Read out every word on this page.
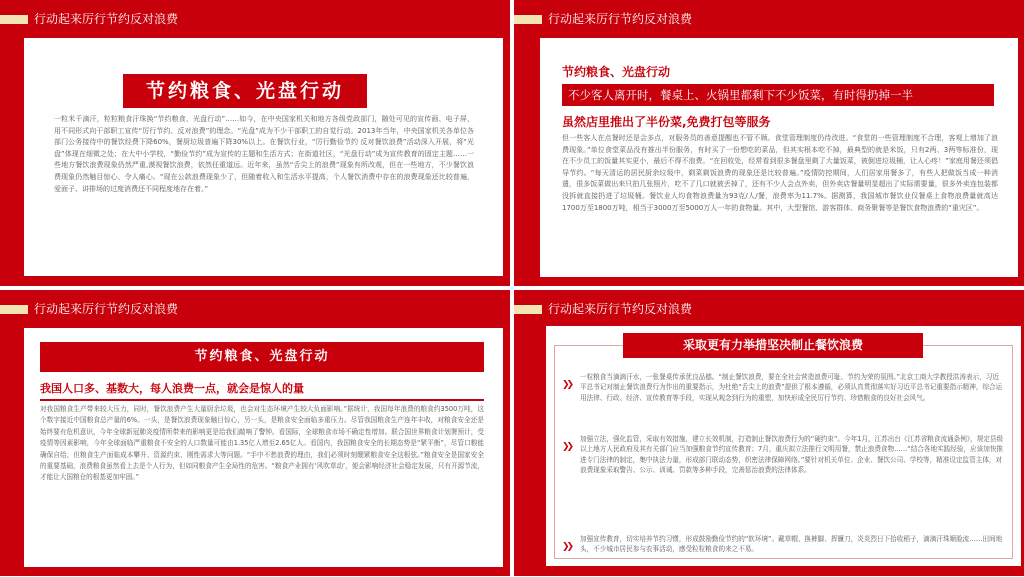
行动起来厉行节约反对浪费
节约粮食、光盘行动
一粒米千滴汗，粒粒粮食汗珠换“节约粮食、光盘行动”……如今，在中央国家机关和地方各级党政部门，随处可见的宣传画、电子屏，用不同形式向干部职工宣传“厉行节约、反对浪费”的理念。“光盘”成为不少干部职工的自觉行动。2013年当年，中央国家机关各单位各部门公务接待中的餐饮经费下降60%，餐厨垃圾普遍下降30%以上。在餐饮行业，“厉行勤俭节约 反对餐饮浪费”活动深入开展，将“光盘”体现在细微之处；在大中小学校，“勤俭节约”成为宣传的主题和生活方式；在街道社区，“光盘行动”成为宣传教育的固定主题……一些地方餐饮浪费现象仍然严重,漠视餐饮浪费，依然任重道远。近年来，虽然“舌尖上的浪费”现象有所改观，但在一些地方，不少餐饮浪费现象仍然触目惊心、令人痛心。“现在公款浪费现象少了，但随着收入和生活水平提高，个人餐饮消费中存在的浪费现象还比较普遍，爱面子、讲排场的过度消费还不同程度地存在着。”
行动起来厉行节约反对浪费
节约粮食、光盘行动
不少客人离开时，餐桌上、火锅里都剩下不少饭菜，有时得扔掉一半
虽然店里推出了半份菜,免费打包等服务
但一些客人在点餐时还是会多点，对服务员的善意提醒也不管不顾。食堂管理制度仍待改进。“食堂的一些管理制度不合理，客观上增加了浪费现象。”单位食堂菜品没有推出半份服务，有时买了一份想吃的菜品，但其实根本吃不掉，最典型的就是米饭，只有2两、3两等标准份，现在不少员工的饭量其实更小，最后不得不浪费。“在回收处，经常看到很多餐盘里剩了大量饭菜，被倒进垃圾桶，让人心疼！”家庭用餐还须倡导节约。“每天清运的居民厨余垃圾中，剩菜剩饭浪费的现象还是比较普遍。”疫情防控期间，人们居家用餐多了，有些人把做饭当成一种消遣，很多饭菜做出来只拍几张照片，吃不了几口就被丢掉了，还有不少人会点外卖，但外卖店餐量明显超出了实际需要量，很多外卖连包装都没拆就直接扔进了垃圾桶。餐饮业人均食物浪费量为93克/人/餐，浪费率为11.7%。据测算，我国城市餐饮业仅餐桌上食物浪费量就高达1700万至1800万吨，相当于3000万至5000万人一年的食物量。其中，大型餐馆、游客群体、商务聚餐等是餐饮食物浪费的“重灾区”。
行动起来厉行节约反对浪费
节约粮食、光盘行动
我国人口多、基数大，每人浪费一点，就会是惊人的量
对我国粮食生产带来较大压力，同时，餐饮浪费产生大量厨余垃圾，也会对生态环境产生较大负面影响。”据统计，我国每年浪费的粮食约3500万吨，这个数字接近中国粮食总产量的6%。一头，是餐饮浪费现象触目惊心，另一头，是粮食安全面临多重压力。尽管我国粮食生产连年丰收，对粮食安全还是始终要有危机意识，今年全球新冠肺炎疫情所带来的影响更是给我们敲响了警钟。看国际，全球粮食市场不确定性增加。联合国世界粮食计划署预计，受疫情等因素影响，今年全球面临严重粮食不安全的人口数量可能由1.35亿人增至2.65亿人。看国内，我国粮食安全的长期态势是“紧平衡”，尽管口粮能确保自给，但粮食生产面临成本攀升、资源约束、刚性需求大等问题。“手中不愁浪费的理由，我们必须时刻绷紧粮食安全这根弦。”粮食安全是国家安全的重要基础，浪费粮食虽然看上去是个人行为，但如同粮食产生全局性的危害。“粮食产业拥有‘风吹草动’，便会影响经济社会稳定发展，只有开源节流，才能让大国粮仓的根基更加牢固。”
行动起来厉行节约反对浪费
采取更有力举措坚决制止餐饮浪费
❯❯
一粒粮食当滴滴汗水，一张餐桌传承优良品德。“制止餐饮浪费，要在全社会营造浪费可耻、节约为荣的氛围。”北京工商大学教授洪涛表示，习近平总书记对制止餐饮浪费行为作出的重要指示，为杜绝“舌尖上的浪费”提供了根本遵循，必须认真贯彻落实好习近平总书记重要指示精神，综合运用法律、行政、经济、宣传教育等手段，实现从观念到行为的重塑，加快形成全民厉行节约、珍惜粮食的良好社会风气。
❯❯
加强立法，强化监管，采取有效措施，建立长效机制，打造制止餐饮浪费行为的“硬约束”。今年1月，江苏出台《江苏省粮食流通条例》，规定县级以上地方人民政府及其有关部门应当加强粮食节约宣传教育；7月，重庆拟立法推行文明用餐，禁止浪费食物……“结合各地实践经验，应该加快推进专门法律的制定，集中执法力量，形成部门联动态势，织密法律保障网络。”要针对机关单位、企业、餐饮公司、学校等，精准设定监管主体，对浪费现象采取警告、公示、训诫、罚款等多种手段，完善惩治浪费的法律体系。
❯❯
加强宣传教育，切实培养节约习惯，形成鼓励勤俭节约的“软环境”。戴草帽、换裤脚、挥镰刀，炎炎烈日下拾收稻子，滴滴汗珠顺脸流……田间地头，不少城市居民参与农事活动，感受粒粒粮食的来之不易。
